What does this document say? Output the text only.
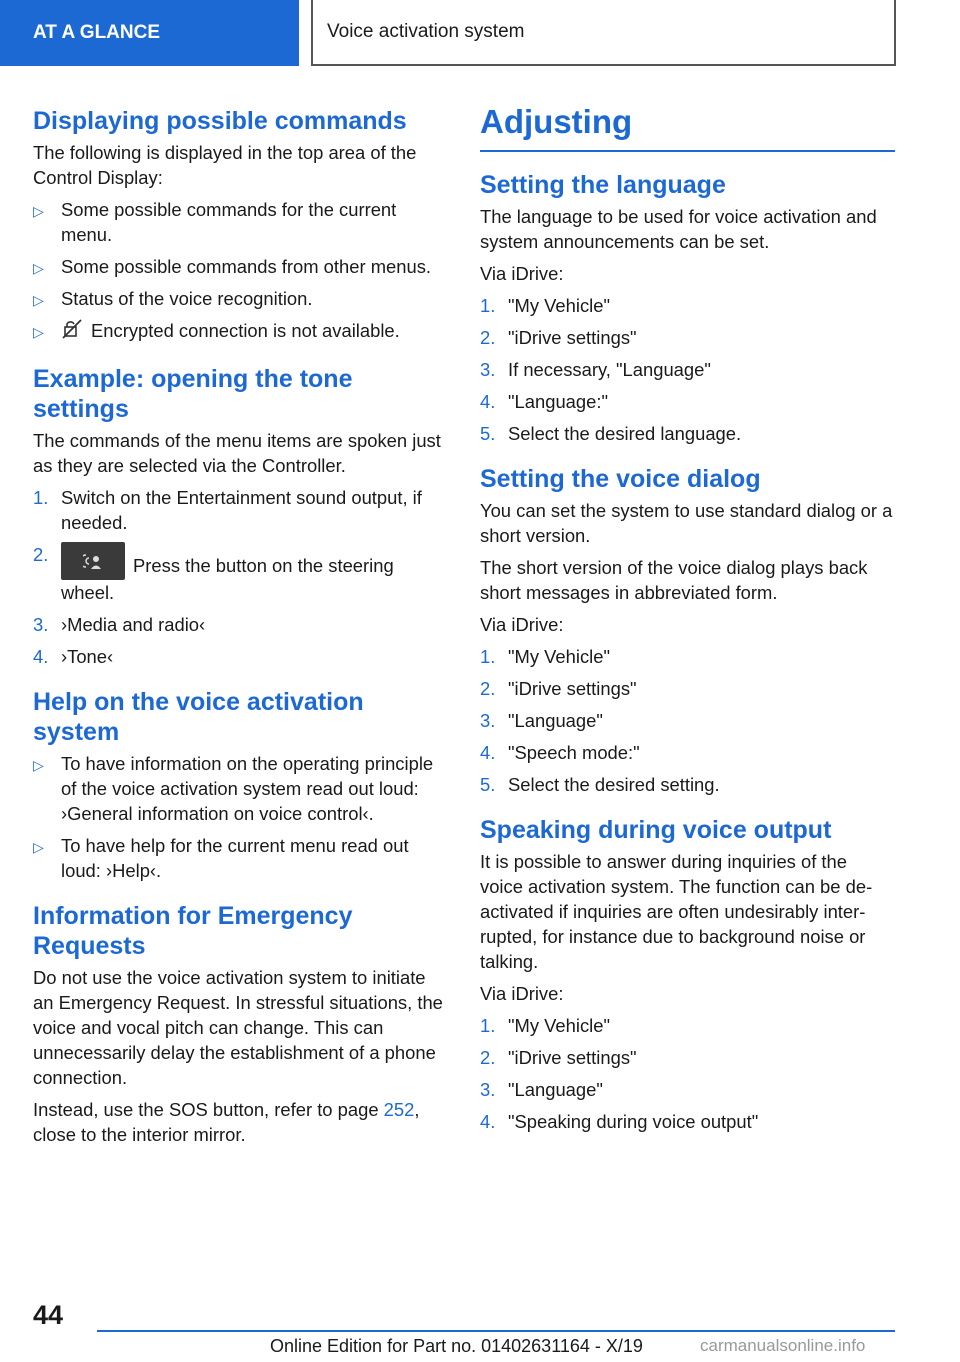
AT A GLANCE	Voice activation system
Displaying possible commands

The following is displayed in the top area of the Control Display:

▷ Some possible commands for the current menu.
▷ Some possible commands from other menus.
▷ Status of the voice recognition.
▷	Encrypted connection is not available.
Example: opening the tone settings

The commands of the menu items are spoken just as they are selected via the Controller.

1. Switch on the Entertainment sound output, if needed.
2.
Press the button on the steering wheel.
3. ›Media and radio‹
4. ›Tone‹
Help on the voice activation system
▷ To have information on the operating principle of the voice activation system read out loud: ›General information on voice control‹.
▷ To have help for the current menu read out loud: ›Help‹.
Information for Emergency Requests

Do not use the voice activation system to initiate an Emergency Request. In stressful situations, the voice and vocal pitch can change. This can unnecessarily delay the establishment of a phone connection.

Instead, use the SOS button, refer to page 252, close to the interior mirror.

Adjusting
Setting the language

The language to be used for voice activation and system announcements can be set.

Via iDrive:

1. "My Vehicle"
2. "iDrive settings"
3. If necessary, "Language"
4. "Language:"
5. Select the desired language.
Setting the voice dialog

You can set the system to use standard dialog or a short version.

The short version of the voice dialog plays back short messages in abbreviated form.

Via iDrive:

1. "My Vehicle"
2. "iDrive settings"
3. "Language"
4. "Speech mode:"
5. Select the desired setting.
Speaking during voice output

It is possible to answer during inquiries of the voice activation system. The function can be deactivated if inquiries are often undesirably interrupted, for instance due to background noise or talking.

Via iDrive:

1. "My Vehicle"
2. "iDrive settings"
3. "Language"
4. "Speaking during voice output"
44
Online Edition for Part no. 01402631164 - X/19	carmanualsonline.info
